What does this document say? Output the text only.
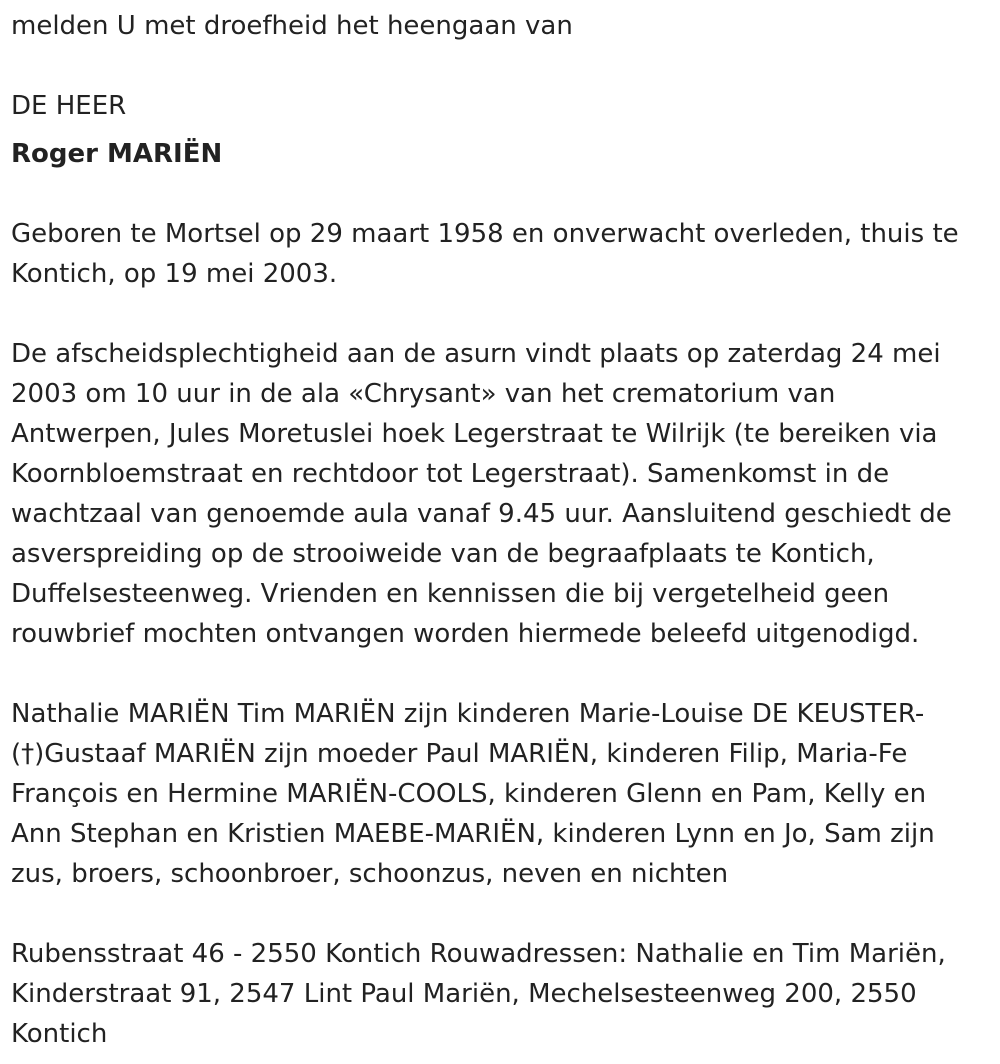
melden U met droefheid het heengaan van
DE HEER
Roger MARIËN
Geboren te Mortsel op 29 maart 1958 en onverwacht overleden, thuis te
Kontich, op 19 mei 2003.
De afscheidsplechtigheid aan de asurn vindt plaats op zaterdag 24 mei
2003 om 10 uur in de ala «Chrysant» van het crematorium van
Antwerpen, Jules Moretuslei hoek Legerstraat te Wilrijk (te bereiken via
Koornbloemstraat en rechtdoor tot Legerstraat). Samenkomst in de
wachtzaal van genoemde aula vanaf 9.45 uur. Aansluitend geschiedt de
asverspreiding op de strooiweide van de begraafplaats te Kontich,
Duffelsesteenweg. Vrienden en kennissen die bij vergetelheid geen
rouwbrief mochten ontvangen worden hiermede beleefd uitgenodigd.
Nathalie MARIËN Tim MARIËN zijn kinderen Marie-Louise DE KEUSTER-
(†)Gustaaf MARIËN zijn moeder Paul MARIËN, kinderen Filip, Maria-Fe
François en Hermine MARIËN-COOLS, kinderen Glenn en Pam, Kelly en
Ann Stephan en Kristien MAEBE-MARIËN, kinderen Lynn en Jo, Sam zijn
zus, broers, schoonbroer, schoonzus, neven en nichten
Rubensstraat 46 - 2550 Kontich Rouwadressen: Nathalie en Tim Mariën,
Kinderstraat 91, 2547 Lint Paul Mariën, Mechelsesteenweg 200, 2550
Kontich
